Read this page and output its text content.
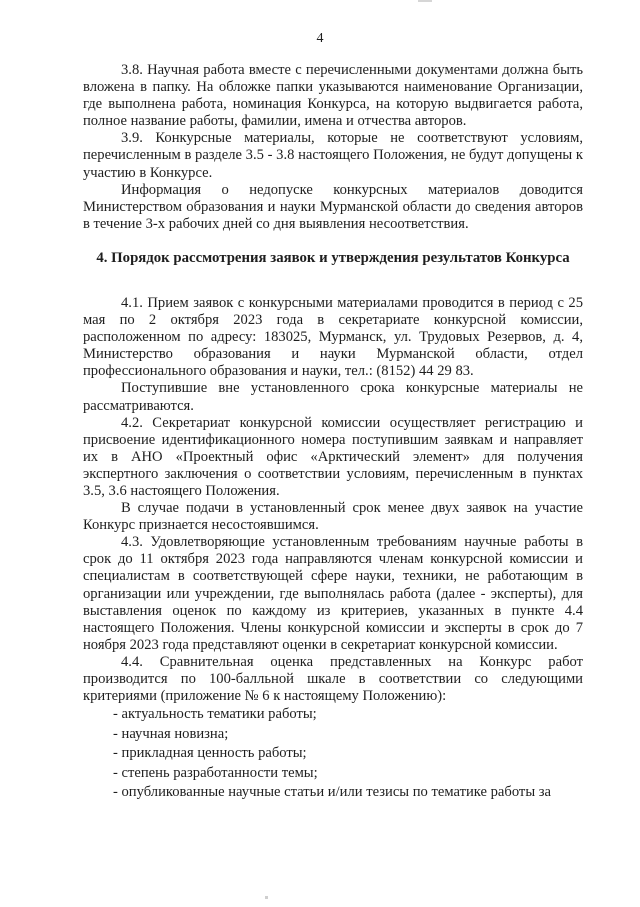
4

3.8. Научная работа вместе с перечисленными документами должна быть вложена в папку. На обложке папки указываются наименование Организации, где выполнена работа, номинация Конкурса, на которую выдвигается работа, полное название работы, фамилии, имена и отчества авторов.

3.9. Конкурсные материалы, которые не соответствуют условиям, перечисленным в разделе 3.5 - 3.8 настоящего Положения, не будут допущены к участию в Конкурсе.

Информация о недопуске конкурсных материалов доводится Министерством образования и науки Мурманской области до сведения авторов в течение 3-х рабочих дней со дня выявления несоответствия.

4. Порядок рассмотрения заявок и утверждения результатов Конкурса

4.1. Прием заявок с конкурсными материалами проводится в период с 25 мая по 2 октября 2023 года в секретариате конкурсной комиссии, расположенном по адресу: 183025, Мурманск, ул. Трудовых Резервов, д. 4, Министерство образования и науки Мурманской области, отдел профессионального образования и науки, тел.: (8152) 44 29 83.

Поступившие вне установленного срока конкурсные материалы не рассматриваются.

4.2. Секретариат конкурсной комиссии осуществляет регистрацию и присвоение идентификационного номера поступившим заявкам и направляет их в АНО «Проектный офис «Арктический элемент» для получения экспертного заключения о соответствии условиям, перечисленным в пунктах 3.5, 3.6 настоящего Положения.

В случае подачи в установленный срок менее двух заявок на участие Конкурс признается несостоявшимся.

4.3. Удовлетворяющие установленным требованиям научные работы в срок до 11 октября 2023 года направляются членам конкурсной комиссии и специалистам в соответствующей сфере науки, техники, не работающим в организации или учреждении, где выполнялась работа (далее - эксперты), для выставления оценок по каждому из критериев, указанных в пункте 4.4 настоящего Положения. Члены конкурсной комиссии и эксперты в срок до 7 ноября 2023 года представляют оценки в секретариат конкурсной комиссии.

4.4. Сравнительная оценка представленных на Конкурс работ производится по 100-балльной шкале в соответствии со следующими критериями (приложение № 6 к настоящему Положению):

- актуальность тематики работы;
- научная новизна;
- прикладная ценность работы;
- степень разработанности темы;
- опубликованные научные статьи и/или тезисы по тематике работы за
